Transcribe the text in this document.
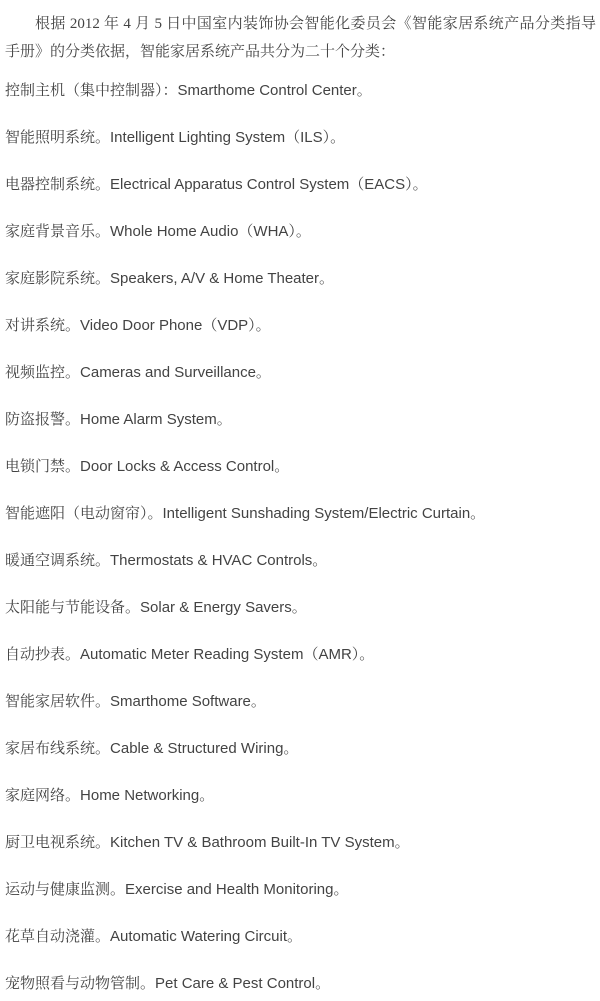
根据 2012 年 4 月 5 日中国室内装饰协会智能化委员会《智能家居系统产品分类指导手册》的分类依据，智能家居系统产品共分为二十个分类：

控制主机（集中控制器）：Smarthome Control Center。

智能照明系统。Intelligent Lighting System（ILS）。

电器控制系统。Electrical Apparatus Control System（EACS）。

家庭背景音乐。Whole Home Audio（WHA）。

家庭影院系统。Speakers, A/V & Home Theater。

对讲系统。Video Door Phone（VDP）。

视频监控。Cameras and Surveillance。

防盗报警。Home Alarm System。

电锁门禁。Door Locks & Access Control。

智能遮阳（电动窗帘）。Intelligent Sunshading System/Electric Curtain。

暖通空调系统。Thermostats & HVAC Controls。

太阳能与节能设备。Solar & Energy Savers。

自动抄表。Automatic Meter Reading System（AMR）。

智能家居软件。Smarthome Software。

家居布线系统。Cable & Structured Wiring。

家庭网络。Home Networking。

厨卫电视系统。Kitchen TV & Bathroom Built-In TV System。

运动与健康监测。Exercise and Health Monitoring。

花草自动浇灌。Automatic Watering Circuit。

宠物照看与动物管制。Pet Care & Pest Control。
